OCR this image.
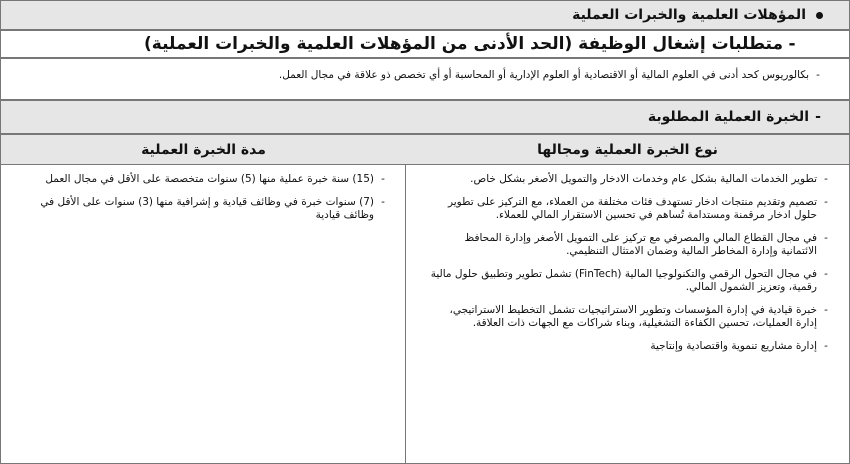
المؤهلات العلمية والخبرات العملية
-
متطلبات إشغال الوظيفة (الحد الأدنى من المؤهلات العلمية والخبرات العملية)
-
بكالوريوس كحد أدنى في العلوم المالية أو الاقتصادية أو العلوم الإدارية أو المحاسبة أو أي تخصص ذو علاقة في مجال العمل.
-
الخبرة العملية المطلوبة
نوع الخبرة العملية ومجالها
مدة الخبرة العملية
-
تطوير الخدمات المالية بشكل عام وخدمات الادخار والتمويل الأصغر بشكل خاص.
-
تصميم وتقديم منتجات ادخار تستهدف فئات مختلفة من العملاء، مع التركيز على تطوير حلول ادخار مرقمنة ومستدامة تُساهم في تحسين الاستقرار المالي للعملاء.
-
في مجال القطاع المالي والمصرفي مع تركيز على التمويل الأصغر وإدارة المحافظ الائتمانية وإدارة المخاطر المالية وضمان الامتثال التنظيمي.
-
في مجال التحول الرقمي والتكنولوجيا المالية (FinTech) تشمل تطوير وتطبيق حلول مالية رقمية، وتعزيز الشمول المالي.
-
خبرة قيادية في إدارة المؤسسات وتطوير الاستراتيجيات تشمل التخطيط الاستراتيجي، إدارة العمليات، تحسين الكفاءة التشغيلية، وبناء شراكات مع الجهات ذات العلاقة.
-
إدارة مشاريع تنموية واقتصادية وإنتاجية
-
(15) سنة خبرة عملية منها (5) سنوات متخصصة على الأقل في مجال العمل
-
(7) سنوات خبرة في وظائف قيادية و إشرافية منها (3) سنوات على الأقل في وظائف قيادية
